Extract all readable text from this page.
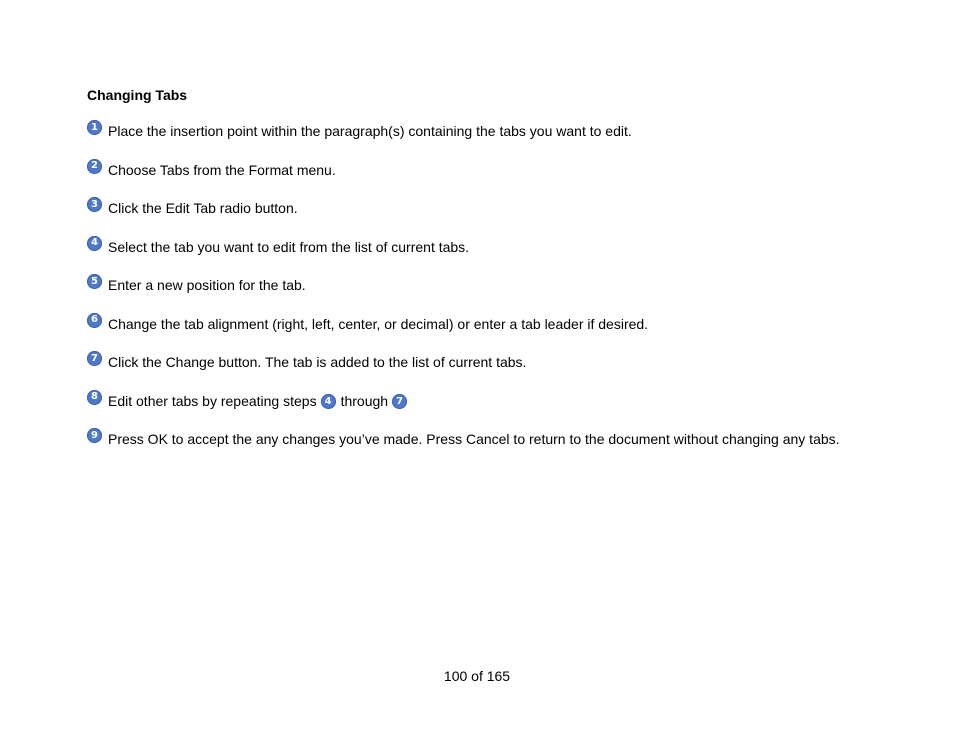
Changing Tabs
1 Place the insertion point within the paragraph(s) containing the tabs you want to edit.
2 Choose Tabs from the Format menu.
3 Click the Edit Tab radio button.
4 Select the tab you want to edit from the list of current tabs.
5 Enter a new position for the tab.
6 Change the tab alignment (right, left, center, or decimal) or enter a tab leader if desired.
7 Click the Change button. The tab is added to the list of current tabs.
8 Edit other tabs by repeating steps 4 through 7
9 Press OK to accept the any changes you’ve made. Press Cancel to return to the document without changing any tabs.
100 of 165
